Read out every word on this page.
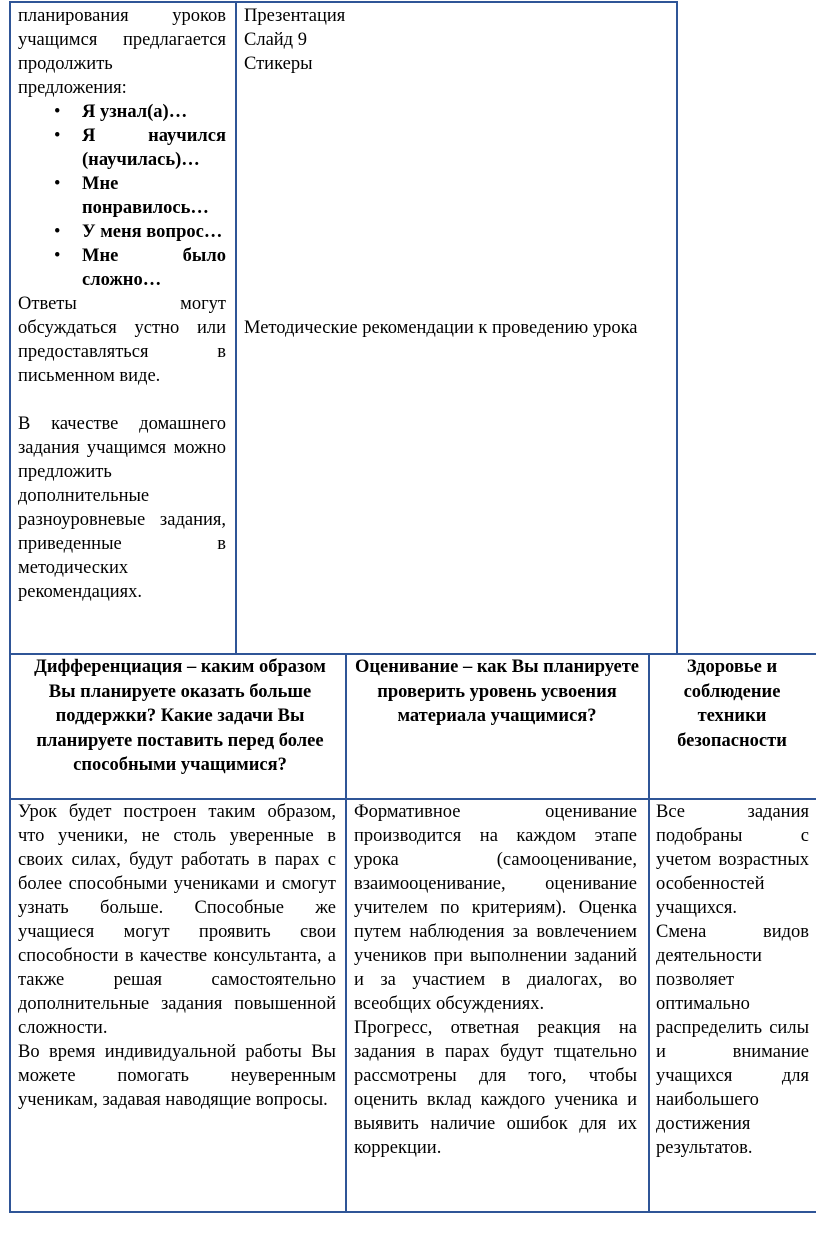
планирования уроков учащимся предлагается продолжить предложения:

• Я узнал(а)…
• Я научился (научилась)…
• Мне понравилось…
• У меня вопрос…
• Мне было сложно…

Ответы могут обсуждаться устно или предоставляться в письменном виде.

В качестве домашнего задания учащимся можно предложить дополнительные разноуровневые задания, приведенные в методических рекомендациях.

Презентация
Слайд 9
Стикеры
Методические рекомендации к проведению урока
Дифференциация – каким образом Вы планируете оказать больше поддержки? Какие задачи Вы планируете поставить перед более способными учащимися?
Оценивание – как Вы планируете проверить уровень усвоения материала учащимися?
Здоровье и соблюдение техники безопасности

Урок будет построен таким образом, что ученики, не столь уверенные в своих силах, будут работать в парах с более способными учениками и смогут узнать больше. Способные же учащиеся могут проявить свои способности в качестве консультанта, а также решая самостоятельно дополнительные задания повышенной сложности.

Во время индивидуальной работы Вы можете помогать неуверенным ученикам, задавая наводящие вопросы.

Формативное оценивание производится на каждом этапе урока (самооценивание, взаимооценивание, оценивание учителем по критериям). Оценка путем наблюдения за вовлечением учеников при выполнении заданий и за участием в диалогах, во всеобщих обсуждениях.

Прогресс, ответная реакция на задания в парах будут тщательно рассмотрены для того, чтобы оценить вклад каждого ученика и выявить наличие ошибок для их коррекции.

Все задания подобраны с учетом возрастных особенностей учащихся.

Смена видов деятельности позволяет оптимально распределить силы и внимание учащихся для наибольшего достижения результатов.
